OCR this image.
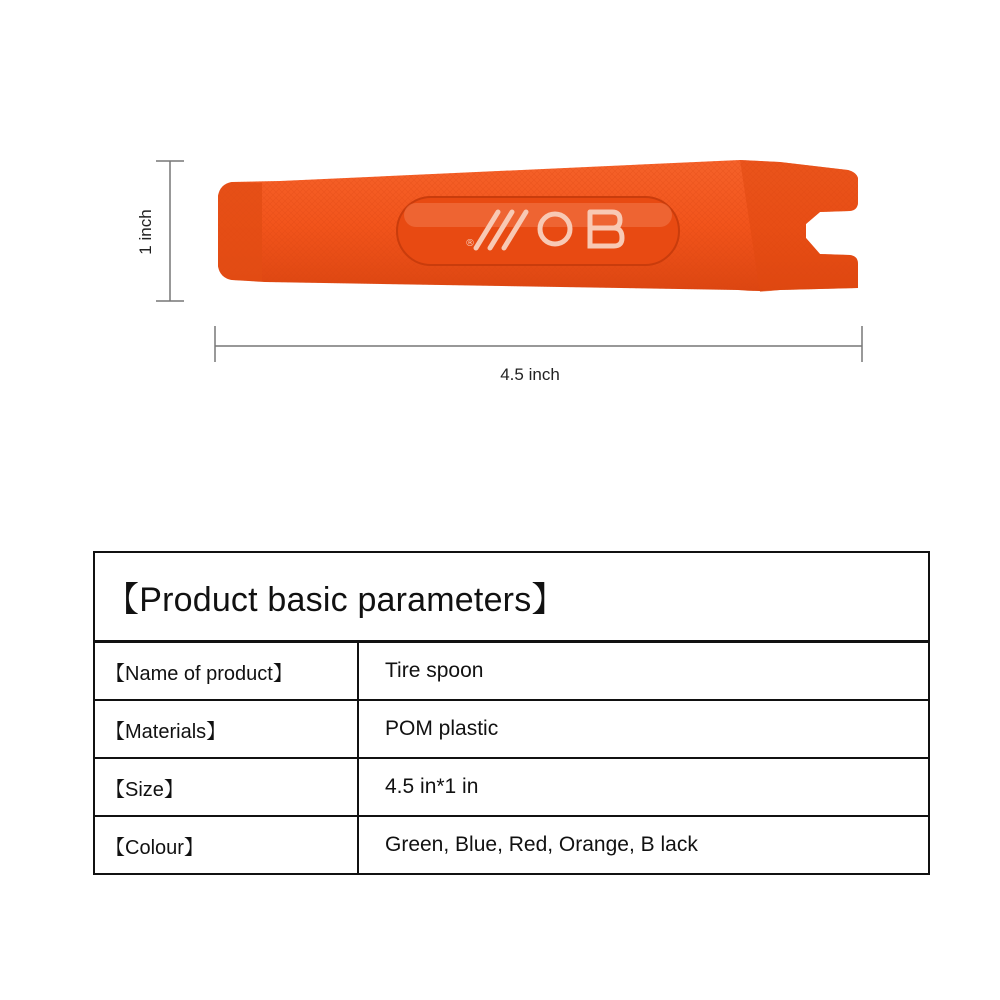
®
1 inch
4.5 inch
【Product basic parameters】
【Name of product】	Tire spoon
【Materials】	POM plastic
【Size】	4.5 in*1 in
【Colour】	Green, Blue, Red, Orange, B lack
